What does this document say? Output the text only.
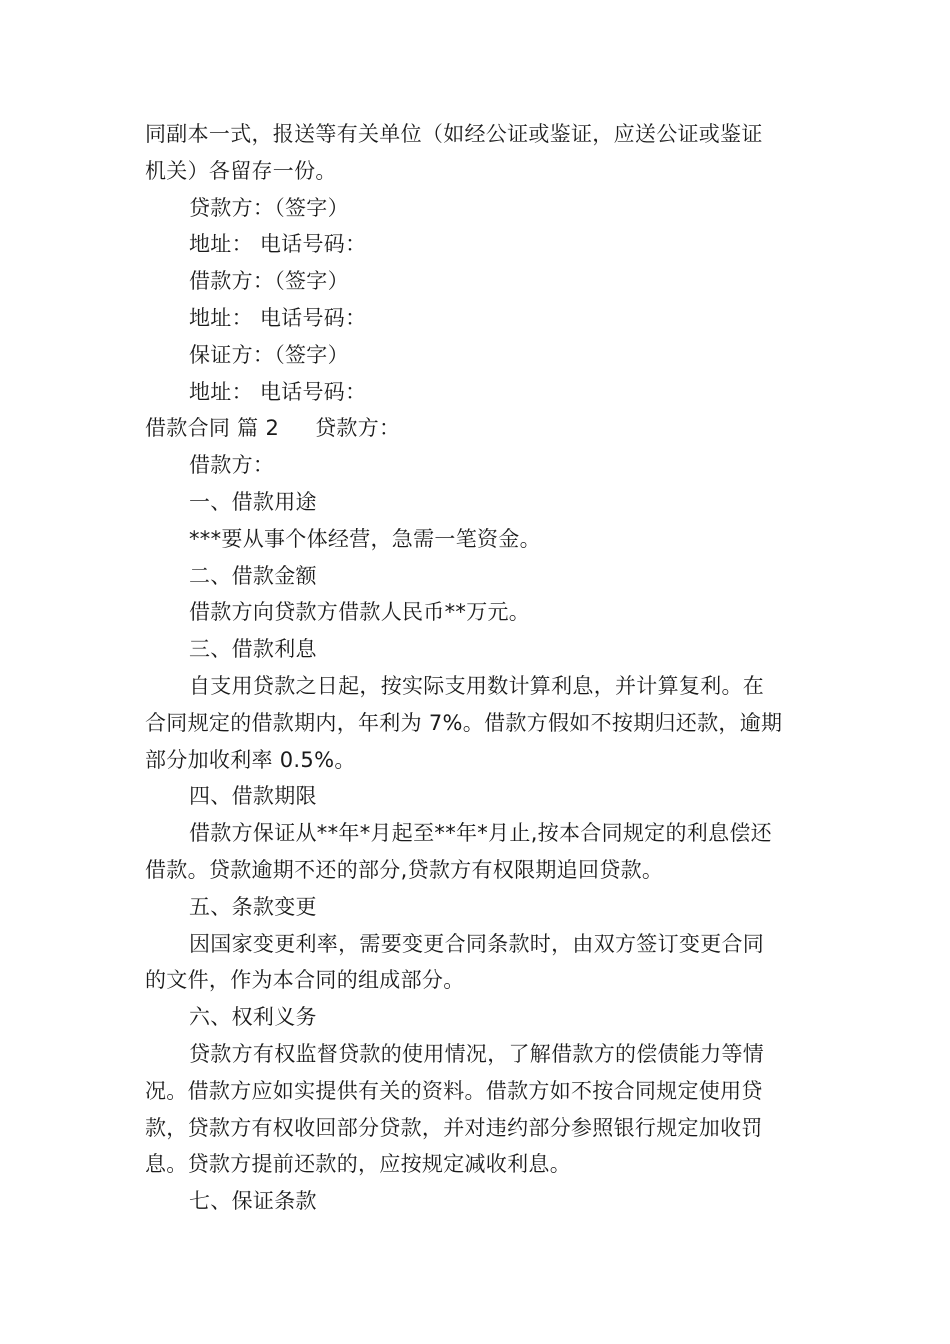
同副本一式，报送等有关单位（如经公证或鉴证，应送公证或鉴证
机关）各留存一份。
贷款方：（签字）
地址： 电话号码：
借款方：（签字）
地址： 电话号码：
保证方：（签字）
地址： 电话号码：
借款合同 篇 2 贷款方：
借款方：
一、借款用途
***要从事个体经营，急需一笔资金。
二、借款金额
借款方向贷款方借款人民币**万元。
三、借款利息
自支用贷款之日起，按实际支用数计算利息，并计算复利。在
合同规定的借款期内，年利为 7%。借款方假如不按期归还款，逾期
部分加收利率 0.5%。
四、借款期限
借款方保证从**年*月起至**年*月止,按本合同规定的利息偿还
借款。贷款逾期不还的部分,贷款方有权限期追回贷款。
五、条款变更
因国家变更利率，需要变更合同条款时，由双方签订变更合同
的文件，作为本合同的组成部分。
六、权利义务
贷款方有权监督贷款的使用情况，了解借款方的偿债能力等情
况。借款方应如实提供有关的资料。借款方如不按合同规定使用贷
款，贷款方有权收回部分贷款，并对违约部分参照银行规定加收罚
息。贷款方提前还款的，应按规定减收利息。
七、保证条款
